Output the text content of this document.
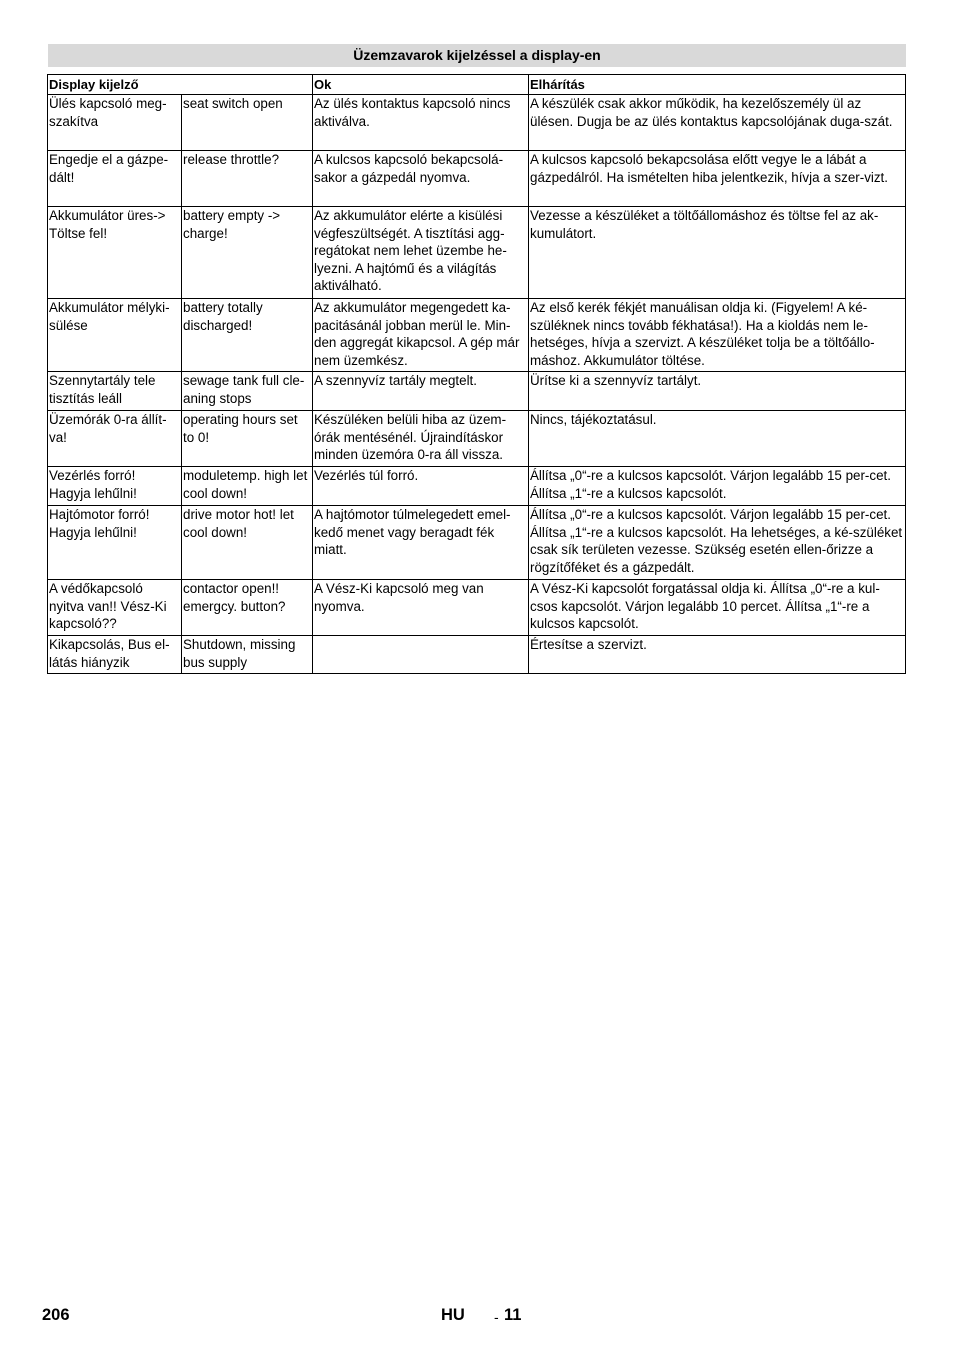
Üzemzavarok kijelzéssel a display-en
Display kijelző		Ok	Elhárítás
Ülés kapcsoló meg-szakítva	seat switch open	Az ülés kontaktus kapcsoló nincs aktiválva.	A készülék csak akkor működik, ha kezelőszemély ül az ülésen. Dugja be az ülés kontaktus kapcsolójának duga-szát.
Engedje el a gázpe-dált!	release throttle?	A kulcsos kapcsoló bekapcsolá-sakor a gázpedál nyomva.	A kulcsos kapcsoló bekapcsolása előtt vegye le a lábát a gázpedálról. Ha ismételten hiba jelentkezik, hívja a szer-vizt.
Akkumulátor üres-> Töltse fel!	battery empty -> charge!	Az akkumulátor elérte a kisülési végfeszültségét. A tisztítási agg-regátokat nem lehet üzembe he-lyezni. A hajtómű és a világítás aktiválható.	Vezesse a készüléket a töltőállomáshoz és töltse fel az ak-kumulátort.
Akkumulátor mélyki-sülése	battery totally discharged!	Az akkumulátor megengedett ka-pacitásánál jobban merül le. Min-den aggregát kikapcsol. A gép már nem üzemkész.	Az első kerék fékjét manuálisan oldja ki. (Figyelem! A ké-szüléknek nincs tovább fékhatása!). Ha a kioldás nem le-hetséges, hívja a szervizt. A készüléket tolja be a töltőállo-máshoz. Akkumulátor töltése.
Szennytartály tele tisztítás leáll	sewage tank full cle-aning stops	A szennyvíz tartály megtelt.	Ürítse ki a szennyvíz tartályt.
Üzemórák 0-ra állít-va!	operating hours set to 0!	Készüléken belüli hiba az üzem-órák mentésénél. Újraindításkor minden üzemóra 0-ra áll vissza.	Nincs, tájékoztatásul.
Vezérlés forró! Hagyja lehűlni!	moduletemp. high let cool down!	Vezérlés túl forró.	Állítsa „0“-re a kulcsos kapcsolót. Várjon legalább 15 per-cet. Állítsa „1“-re a kulcsos kapcsolót.
Hajtómotor forró! Hagyja lehűlni!	drive motor hot! let cool down!	A hajtómotor túlmelegedett emel-kedő menet vagy beragadt fék miatt.	Állítsa „0“-re a kulcsos kapcsolót. Várjon legalább 15 per-cet. Állítsa „1“-re a kulcsos kapcsolót. Ha lehetséges, a ké-szüléket csak sík területen vezesse. Szükség esetén ellen-őrizze a rögzítőféket és a gázpedált.
A védőkapcsoló nyitva van!! Vész-Ki kapcsoló??	contactor open!! emergcy. button?	A Vész-Ki kapcsoló meg van nyomva.	A Vész-Ki kapcsolót forgatással oldja ki. Állítsa „0“-re a kul-csos kapcsolót. Várjon legalább 10 percet. Állítsa „1“-re a kulcsos kapcsolót.
Kikapcsolás, Bus el-látás hiányzik	Shutdown, missing bus supply		Értesítse a szervizt.
206	HU - 11
